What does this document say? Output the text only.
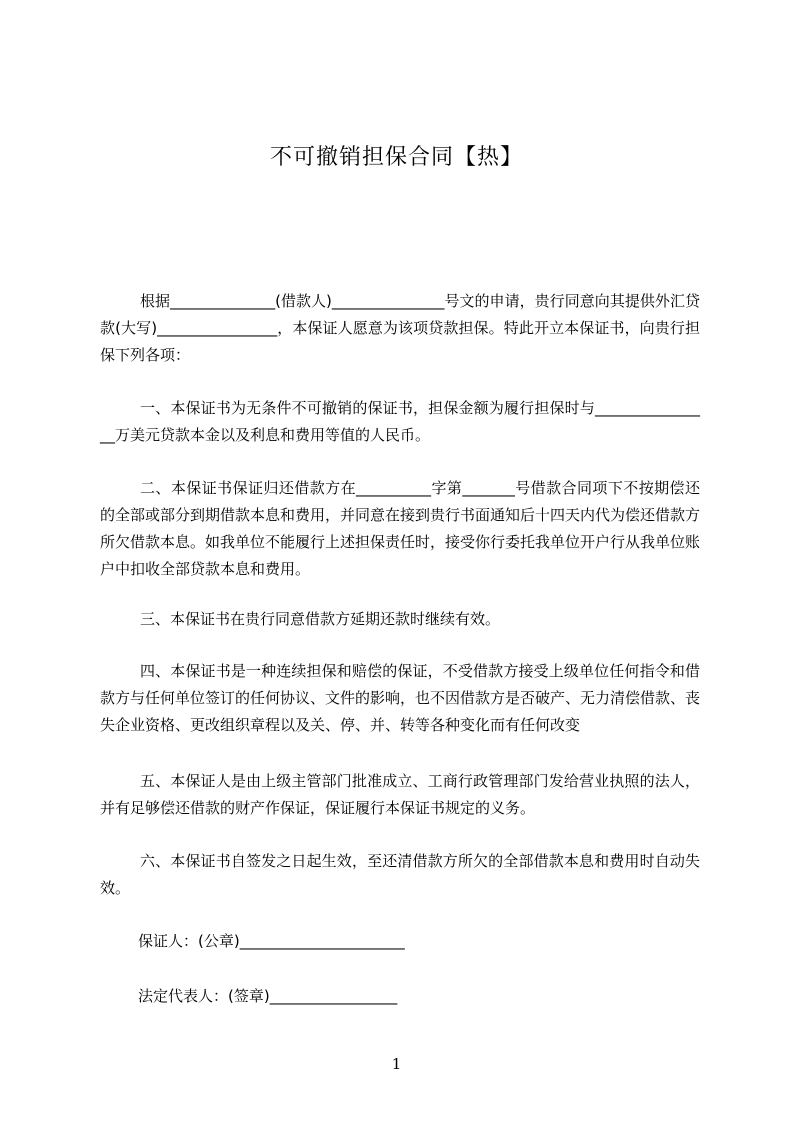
不可撤销担保合同【热】
根据______________(借款人)_______________号文的申请，贵行同意向其提供外汇贷款(大写)________________，本保证人愿意为该项贷款担保。特此开立本保证书，向贵行担保下列各项：
一、本保证书为无条件不可撤销的保证书，担保金额为履行担保时与________________万美元贷款本金以及利息和费用等值的人民币。
二、本保证书保证归还借款方在__________字第_______号借款合同项下不按期偿还的全部或部分到期借款本息和费用，并同意在接到贵行书面通知后十四天内代为偿还借款方所欠借款本息。如我单位不能履行上述担保责任时，接受你行委托我单位开户行从我单位账户中扣收全部贷款本息和费用。
三、本保证书在贵行同意借款方延期还款时继续有效。
四、本保证书是一种连续担保和赔偿的保证，不受借款方接受上级单位任何指令和借款方与任何单位签订的任何协议、文件的影响，也不因借款方是否破产、无力清偿借款、丧失企业资格、更改组织章程以及关、停、并、转等各种变化而有任何改变
五、本保证人是由上级主管部门批准成立、工商行政管理部门发给营业执照的法人，并有足够偿还借款的财产作保证，保证履行本保证书规定的义务。
六、本保证书自签发之日起生效，至还清借款方所欠的全部借款本息和费用时自动失效。
保证人：(公章)______________________
法定代表人：(签章)_________________
1
